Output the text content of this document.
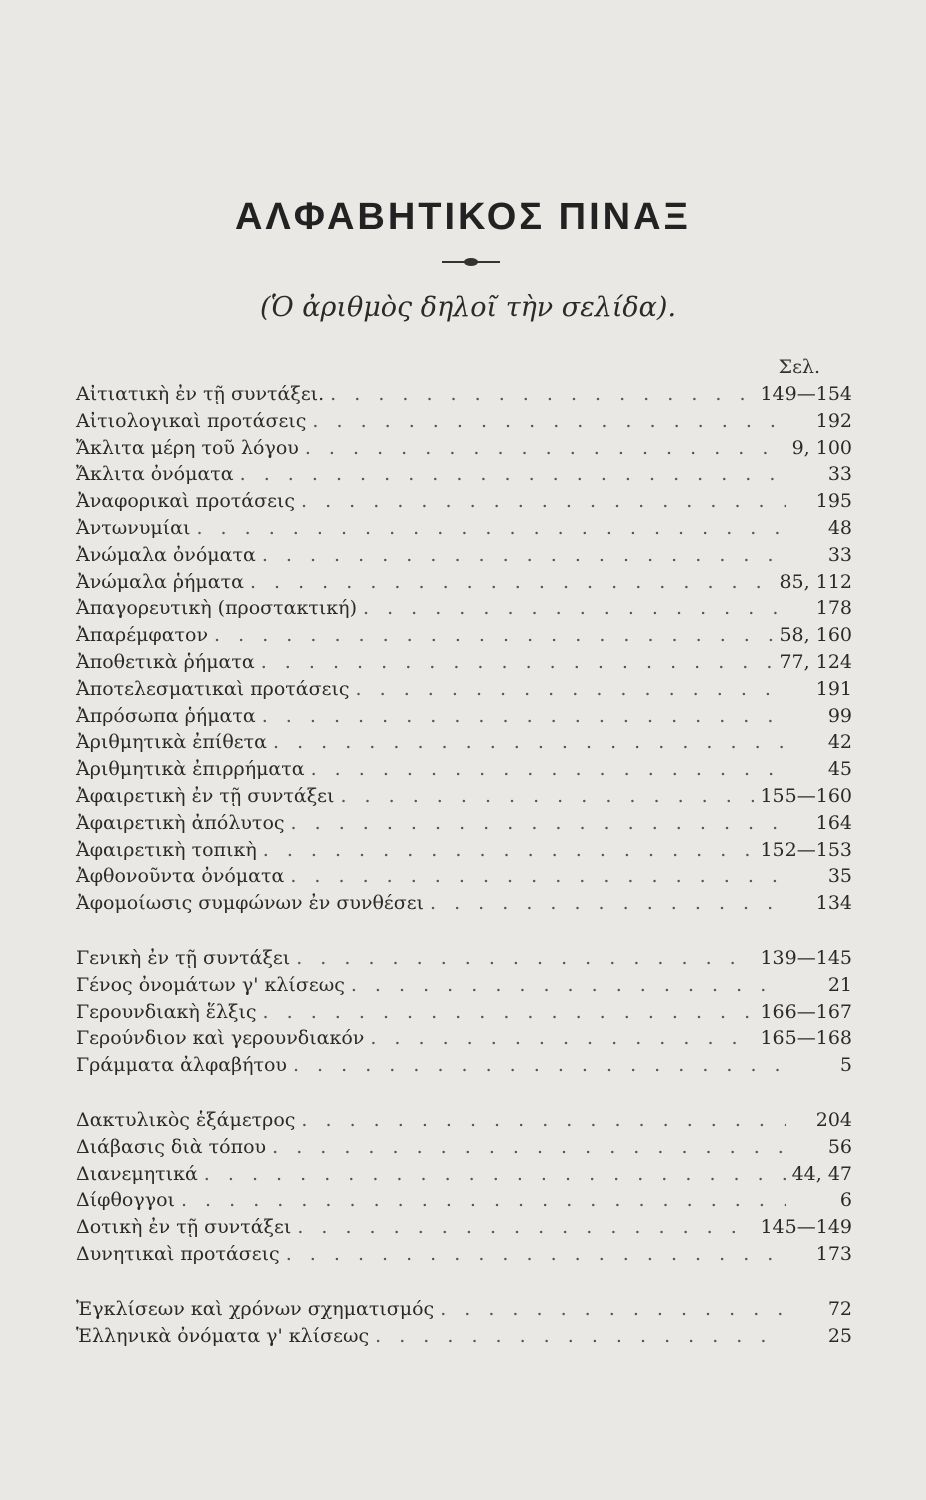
ΑΛΦΑΒΗΤΙΚΟΣ ΠΙΝΑΞ
(Ὁ ἀριθμὸς δηλοῖ τὴν σελίδα).
Σελ.
Αἰτιατικὴ ἐν τῇ συντάξει. . . .	149—154
Αἰτιολογικαὶ προτάσεις . . .	192
Ἄκλιτα μέρη τοῦ λόγου . . .	9, 100
Ἄκλιτα ὀνόματα . . .	33
Ἀναφορικαὶ προτάσεις . . .	195
Ἀντωνυμίαι . . .	48
Ἀνώμαλα ὀνόματα . . .	33
Ἀνώμαλα ῥήματα . . .	85, 112
Ἀπαγορευτικὴ (προστακτική) . . .	178
Ἀπαρέμφατον . . .	58, 160
Ἀποθετικὰ ῥήματα . . .	77, 124
Ἀποτελεσματικαὶ προτάσεις . . .	191
Ἀπρόσωπα ῥήματα . . .	99
Ἀριθμητικὰ ἐπίθετα . . .	42
Ἀριθμητικὰ ἐπιρρήματα . . .	45
Ἀφαιρετικὴ ἐν τῇ συντάξει . . .	155—160
Ἀφαιρετικὴ ἀπόλυτος . . .	164
Ἀφαιρετικὴ τοπικὴ . . .	152—153
Ἀφθονοῦντα ὀνόματα . . .	35
Ἀφομοίωσις συμφώνων ἐν συνθέσει . . .	134
Γενικὴ ἐν τῇ συντάξει . . .	139—145
Γένος ὀνομάτων γ' κλίσεως . . .	21
Γερουνδιακὴ ἕλξις . . .	166—167
Γερούνδιον καὶ γερουνδιακόν . . .	165—168
Γράμματα ἀλφαβήτου . . .	5
Δακτυλικὸς ἑξάμετρος . . .	204
Διάβασις διὰ τόπου . . .	56
Διανεμητικά . . .	44, 47
Δίφθογγοι . . .	6
Δοτικὴ ἐν τῇ συντάξει . . .	145—149
Δυνητικαὶ προτάσεις . . .	173
Ἐγκλίσεων καὶ χρόνων σχηματισμός . . .	72
Ἑλληνικὰ ὀνόματα γ' κλίσεως . . .	25
